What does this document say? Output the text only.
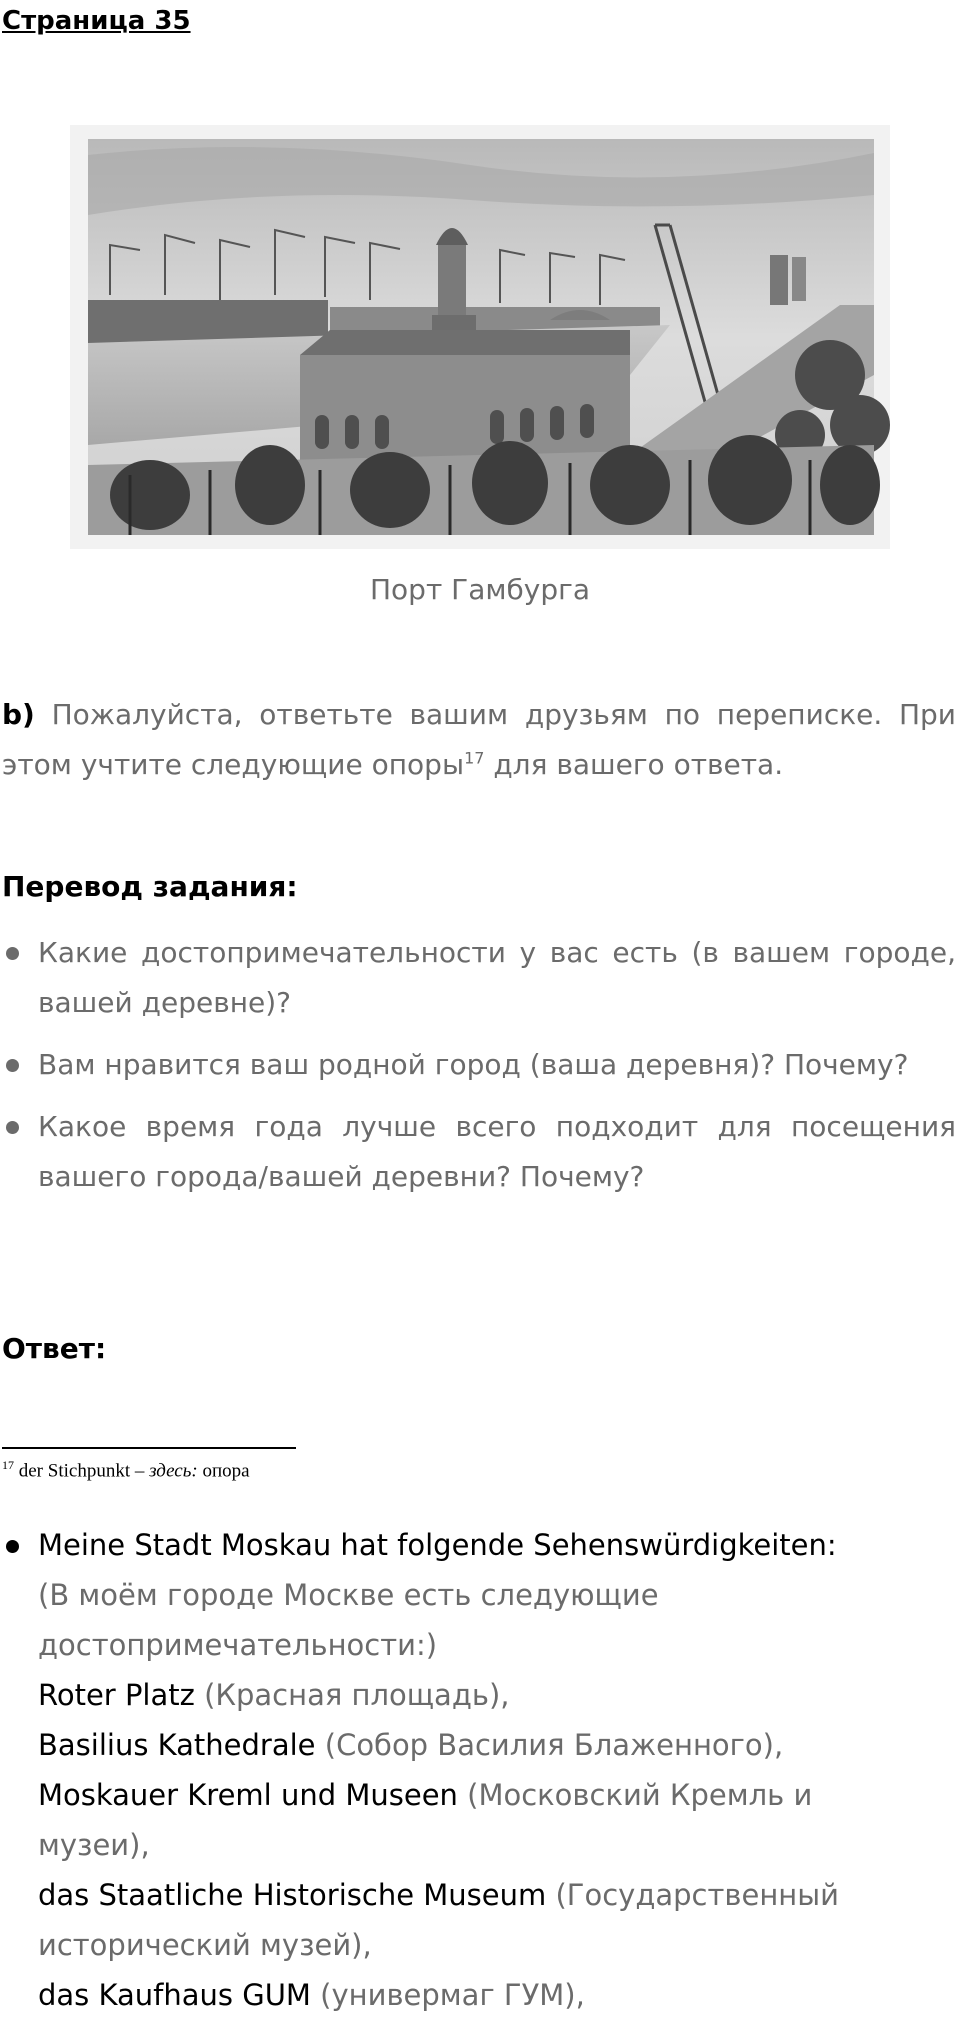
Страница 35
Порт Гамбурга
b) Пожалуйста, ответьте вашим друзьям по переписке. При этом учтите следующие опоры$^{17}$ для вашего ответа.
Перевод задания:
Какие достопримечательности у вас есть (в вашем городе, вашей деревне)?
Вам нравится ваш родной город (ваша деревня)? Почему?
Какое время года лучше всего подходит для посещения вашего города/вашей деревни? Почему?
Ответ:
$^{17}$ der Stichpunkt – здесь: опора
Meine Stadt Moskau hat folgende Sehenswürdigkeiten:
(В моём городе Москве есть следующие достопримечательности:)
Roter Platz (Красная площадь),
Basilius Kathedrale (Собор Василия Блаженного),
Moskauer Kreml und Museen (Московский Кремль и музеи),
das Staatliche Historische Museum (Государственный исторический музей),
das Kaufhaus GUM (универмаг ГУМ),
